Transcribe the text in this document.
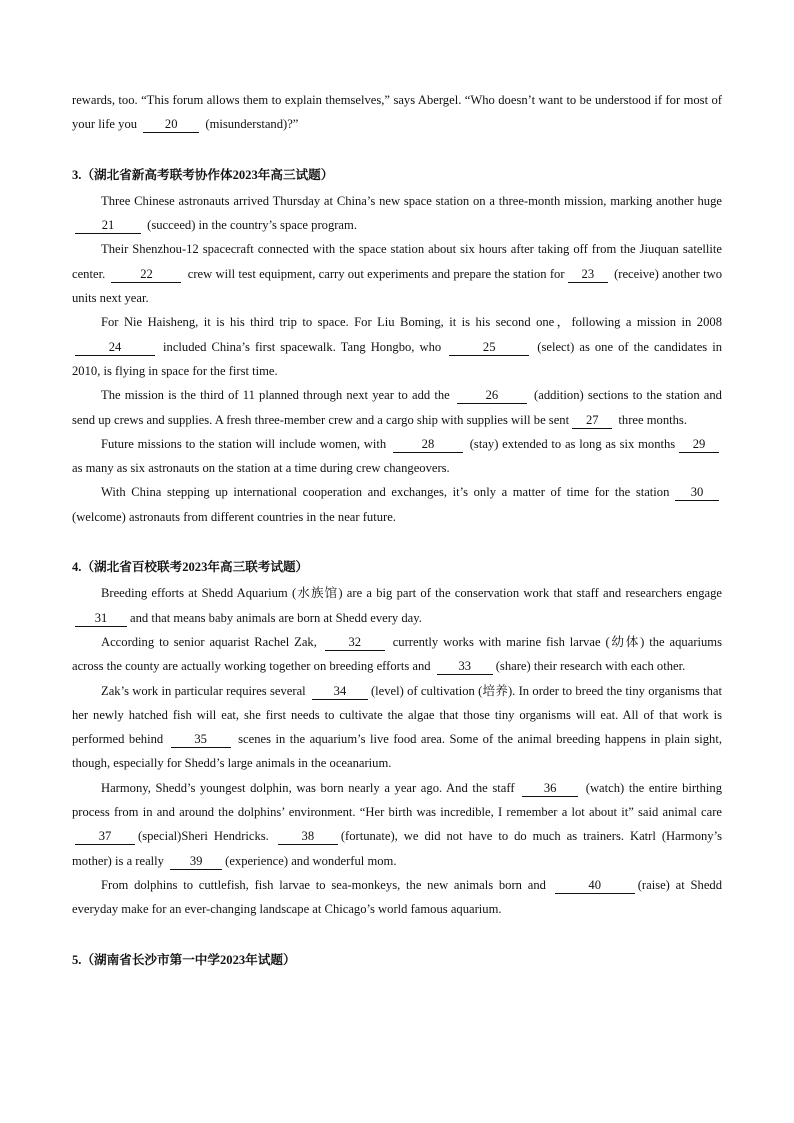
rewards, too. “This forum allows them to explain themselves,” says Abergel. “Who doesn’t want to be understood if for most of your life you 20 (misunderstand)?”

3.（湖北省新高考联考协作体2023年高三试题）

Three Chinese astronauts arrived Thursday at China’s new space station on a three-month mission, marking another huge 21	(succeed) in the country’s space program.

Their Shenzhou-12 spacecraft connected with the space station about six hours after taking off from the Jiuquan satellite center.	22	crew will test equipment, carry out experiments and prepare the station for 23 (receive) another two units next year.

For Nie Haisheng, it is his third trip to space. For Liu Boming, it is his second one，following a mission in 2008 24	included China’s first spacewalk. Tang Hongbo, who	25	(select) as one of the candidates in 2010, is flying in space for the first time.

The mission is the third of 11 planned through next year to add the	26	(addition) sections to the station and send up crews and supplies. A fresh three-member crew and a cargo ship with supplies will be sent 27 three months.

Future missions to the station will include women, with	28	(stay) extended to as long as six months 29 as many as six astronauts on the station at a time during crew changeovers.

With China stepping up international cooperation and exchanges, it’s only a matter of time for the station 30 (welcome) astronauts from different countries in the near future.

4.（湖北省百校联考2023年高三联考试题）

Breeding efforts at Shedd Aquarium (水族馆) are a big part of the conservation work that staff and researchers engage 31 and that means baby animals are born at Shedd every day.

According to senior aquarist Rachel Zak,	32	currently works with marine fish larvae (幼体) the aquariums across the county are actually working together on breeding efforts and 33 (share) their research with each other.

Zak’s work in particular requires several 34 (level) of cultivation (培养). In order to breed the tiny organisms that her newly hatched fish will eat, she first needs to cultivate the algae that those tiny organisms will eat. All of that work is performed behind 35 scenes in the aquarium’s live food area. Some of the animal breeding happens in plain sight, though, especially for Shedd’s large animals in the oceanarium.

Harmony, Shedd’s youngest dolphin, was born nearly a year ago. And the staff 36 (watch) the entire birthing process from in and around the dolphins’ environment. “Her birth was incredible, I remember a lot about it” said animal care 37 (special)Sheri Hendricks.	38 (fortunate), we did not have to do much as trainers. Katrl (Harmony’s mother) is a really 39 (experience) and wonderful mom.

From dolphins to cuttlefish, fish larvae to sea-monkeys, the new animals born and	40	(raise) at Shedd everyday make for an ever-changing landscape at Chicago’s world famous aquarium.

5.（湖南省长沙市第一中学2023年试题）
